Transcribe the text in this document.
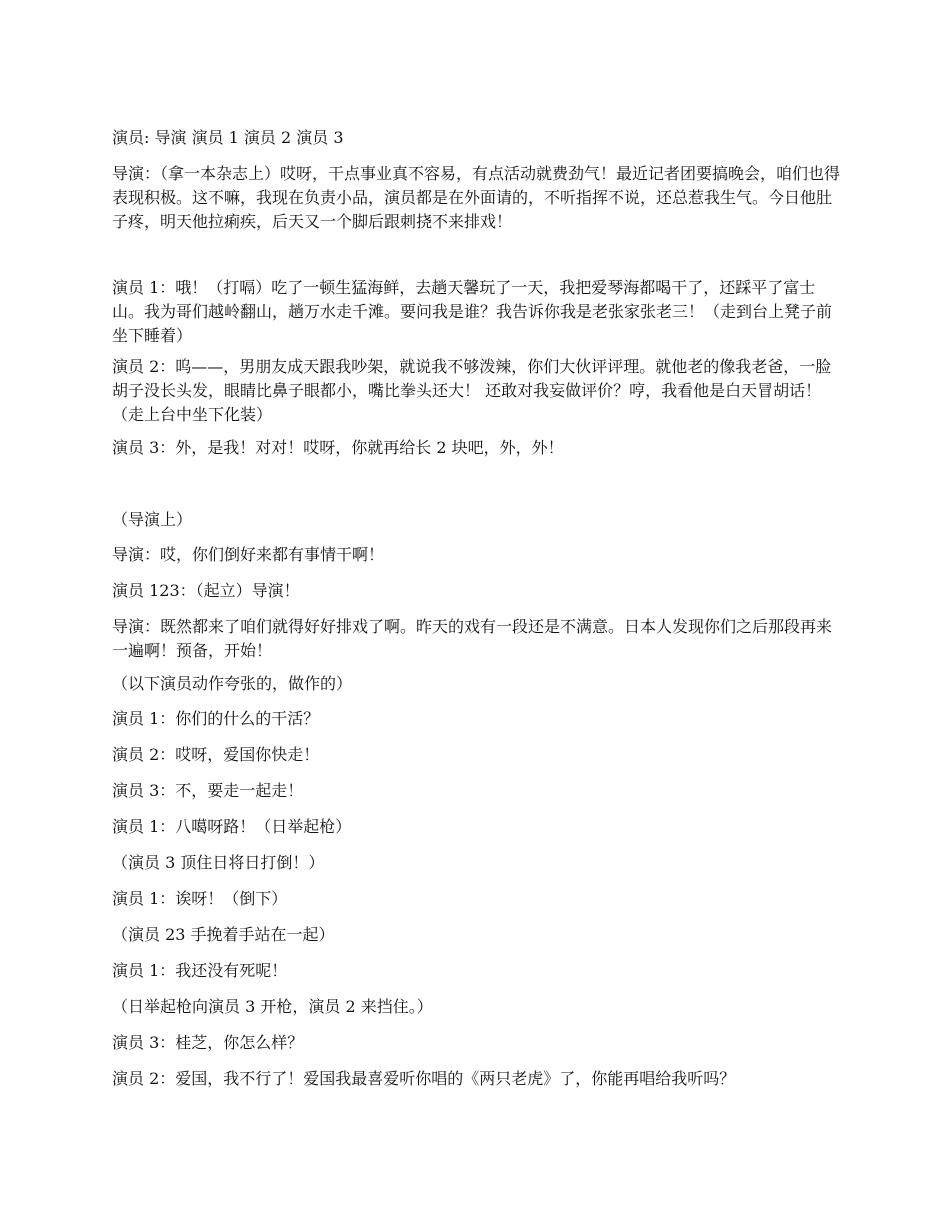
演员: 导演 演员 1 演员 2 演员 3

导演：（拿一本杂志上）哎呀，干点事业真不容易，有点活动就费劲气！最近记者团要搞晚会，咱们也得表现积极。这不嘛，我现在负责小品，演员都是在外面请的，不听指挥不说，还总惹我生气。今日他肚子疼，明天他拉痢疾，后天又一个脚后跟刺挠不来排戏！

演员 1：哦！（打嗝）吃了一顿生猛海鲜，去趟天馨玩了一天，我把爱琴海都喝干了，还踩平了富士山。我为哥们越岭翻山，趟万水走千滩。要问我是谁？我告诉你我是老张家张老三！（走到台上凳子前坐下睡着）

演员 2：呜——，男朋友成天跟我吵架，就说我不够泼辣，你们大伙评评理。就他老的像我老爸，一脸胡子没长头发，眼睛比鼻子眼都小，嘴比拳头还大！ 还敢对我妄做评价？哼，我看他是白天冒胡话！（走上台中坐下化装）

演员 3：外，是我！对对！哎呀，你就再给长 2 块吧，外，外！

（导演上）

导演：哎，你们倒好来都有事情干啊！

演员 123：（起立）导演！

导演：既然都来了咱们就得好好排戏了啊。昨天的戏有一段还是不满意。日本人发现你们之后那段再来一遍啊！预备，开始！

（以下演员动作夸张的，做作的）

演员 1：你们的什么的干活？

演员 2：哎呀，爱国你快走！

演员 3：不，要走一起走！

演员 1：八噶呀路！（日举起枪）

（演员 3 顶住日将日打倒！）

演员 1：诶呀！（倒下）

（演员 23 手挽着手站在一起）

演员 1：我还没有死呢！

（日举起枪向演员 3 开枪，演员 2 来挡住。）

演员 3：桂芝，你怎么样？

演员 2：爱国，我不行了！爱国我最喜爱听你唱的《两只老虎》了，你能再唱给我听吗？
